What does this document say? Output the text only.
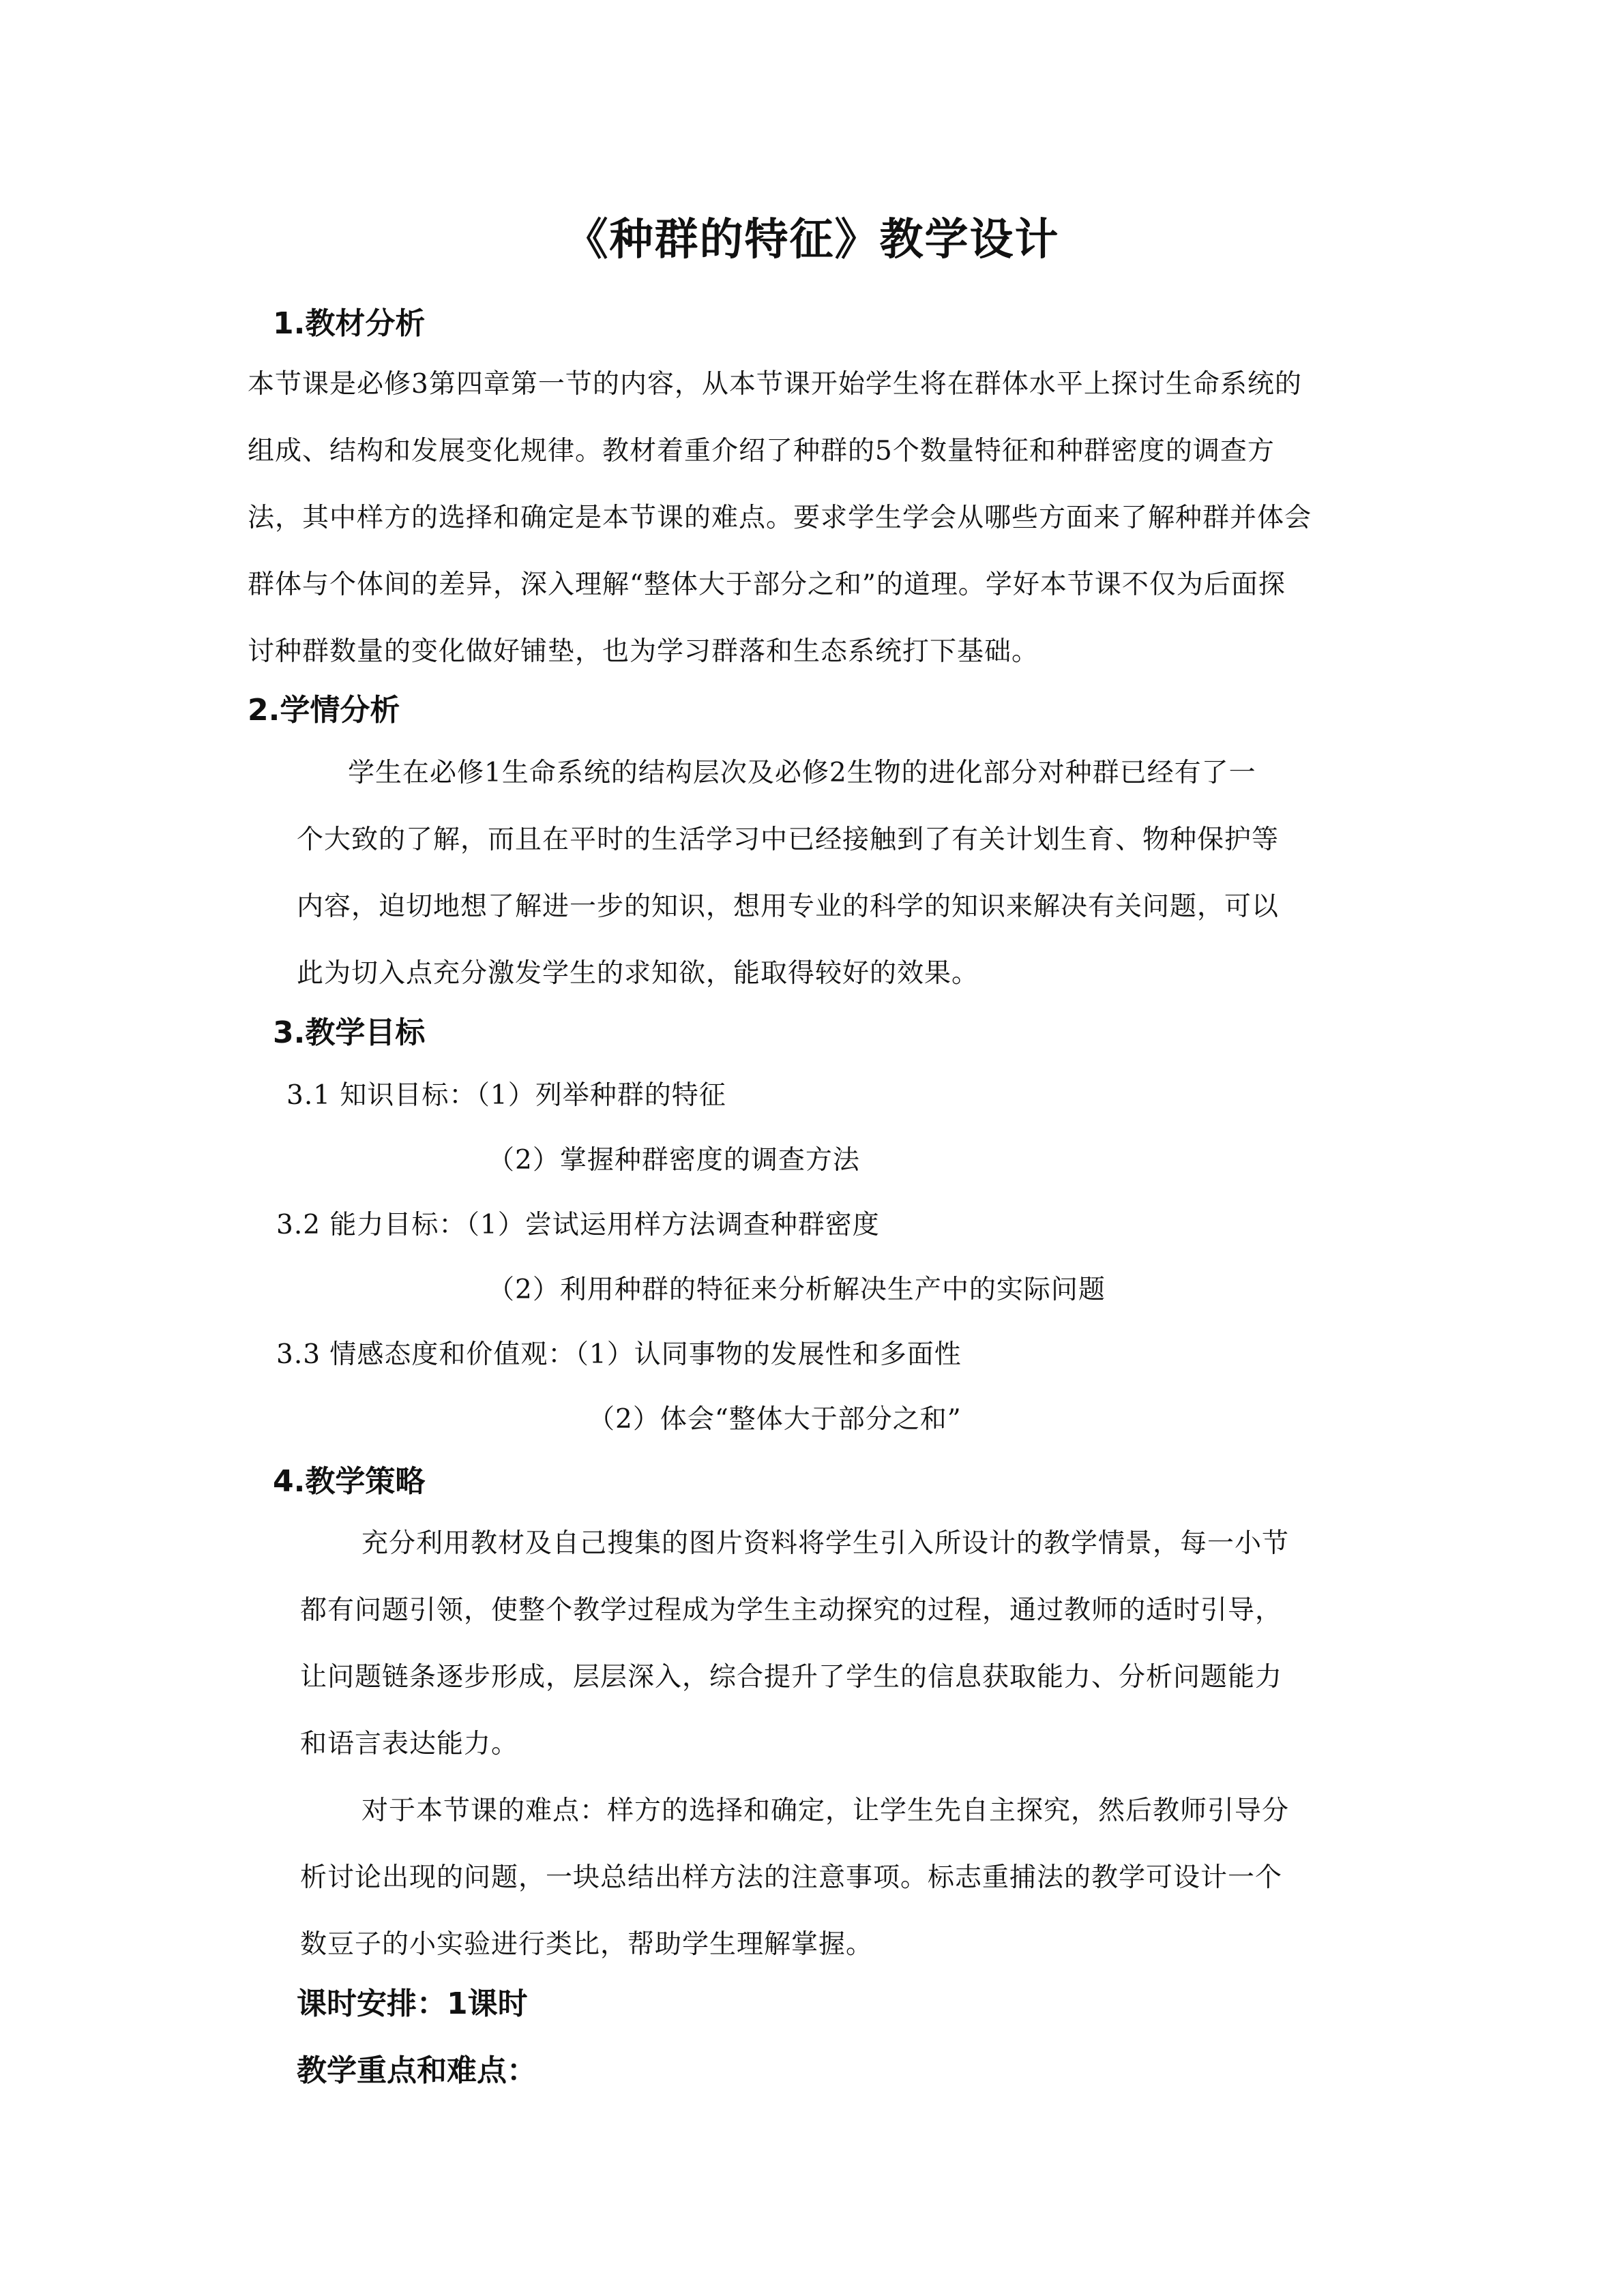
《种群的特征》教学设计
1.教材分析
本节课是必修3第四章第一节的内容，从本节课开始学生将在群体水平上探讨生命系统的
组成、结构和发展变化规律。教材着重介绍了种群的5个数量特征和种群密度的调查方
法，其中样方的选择和确定是本节课的难点。要求学生学会从哪些方面来了解种群并体会
群体与个体间的差异，深入理解“整体大于部分之和”的道理。学好本节课不仅为后面探
讨种群数量的变化做好铺垫，也为学习群落和生态系统打下基础。
2.学情分析
学生在必修1生命系统的结构层次及必修2生物的进化部分对种群已经有了一
个大致的了解，而且在平时的生活学习中已经接触到了有关计划生育、物种保护等
内容，迫切地想了解进一步的知识，想用专业的科学的知识来解决有关问题，可以
此为切入点充分激发学生的求知欲，能取得较好的效果。
3.教学目标
3.1 知识目标：（1）列举种群的特征
（2）掌握种群密度的调查方法
3.2 能力目标：（1）尝试运用样方法调查种群密度
（2）利用种群的特征来分析解决生产中的实际问题
3.3 情感态度和价值观：（1）认同事物的发展性和多面性
（2）体会“整体大于部分之和”
4.教学策略
充分利用教材及自己搜集的图片资料将学生引入所设计的教学情景，每一小节
都有问题引领，使整个教学过程成为学生主动探究的过程，通过教师的适时引导，
让问题链条逐步形成，层层深入，综合提升了学生的信息获取能力、分析问题能力
和语言表达能力。
对于本节课的难点：样方的选择和确定，让学生先自主探究，然后教师引导分
析讨论出现的问题，一块总结出样方法的注意事项。标志重捕法的教学可设计一个
数豆子的小实验进行类比，帮助学生理解掌握。
课时安排：1课时
教学重点和难点：
